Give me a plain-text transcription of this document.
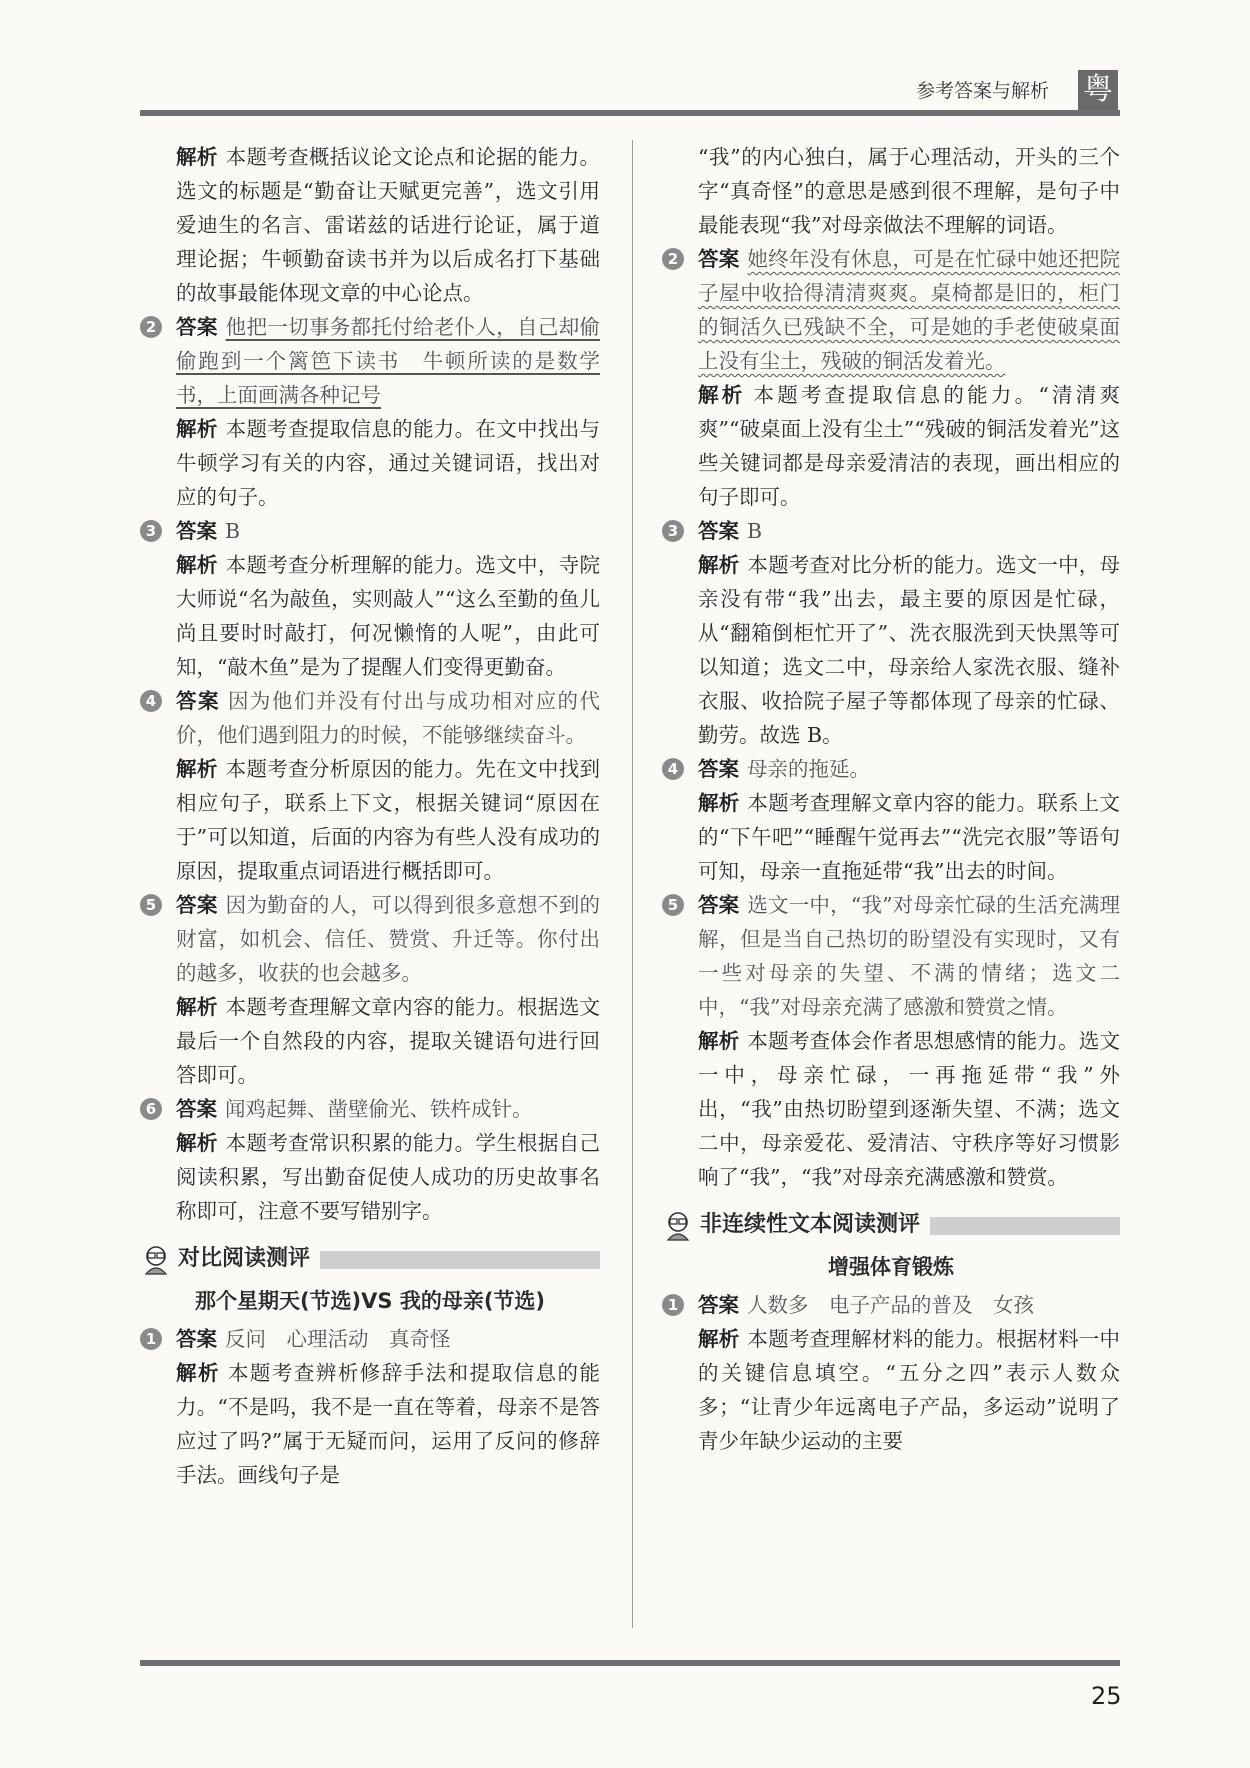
参考答案与解析 粤

解析 本题考查概括议论文论点和论据的能力。选文的标题是“勤奋让天赋更完善”，选文引用爱迪生的名言、雷诺兹的话进行论证，属于道理论据；牛顿勤奋读书并为以后成名打下基础的故事最能体现文章的中心论点。

2 答案 他把一切事务都托付给老仆人，自己却偷偷跑到一个篱笆下读书　牛顿所读的是数学书，上面画满各种记号

解析 本题考查提取信息的能力。在文中找出与牛顿学习有关的内容，通过关键词语，找出对应的句子。

3 答案 B

解析 本题考查分析理解的能力。选文中，寺院大师说“名为敲鱼，实则敲人”“这么至勤的鱼儿尚且要时时敲打，何况懒惰的人呢”，由此可知，“敲木鱼”是为了提醒人们变得更勤奋。

4 答案 因为他们并没有付出与成功相对应的代价，他们遇到阻力的时候，不能够继续奋斗。

解析 本题考查分析原因的能力。先在文中找到相应句子，联系上下文，根据关键词“原因在于”可以知道，后面的内容为有些人没有成功的原因，提取重点词语进行概括即可。

5 答案 因为勤奋的人，可以得到很多意想不到的财富，如机会、信任、赞赏、升迁等。你付出的越多，收获的也会越多。

解析 本题考查理解文章内容的能力。根据选文最后一个自然段的内容，提取关键语句进行回答即可。

6 答案 闻鸡起舞、凿壁偷光、铁杵成针。

解析 本题考查常识积累的能力。学生根据自己阅读积累，写出勤奋促使人成功的历史故事名称即可，注意不要写错别字。

对比阅读测评
那个星期天(节选)VS 我的母亲(节选)
1 答案 反问　心理活动　真奇怪

解析 本题考查辨析修辞手法和提取信息的能力。“不是吗，我不是一直在等着，母亲不是答应过了吗?”属于无疑而问，运用了反问的修辞手法。画线句子是

“我”的内心独白，属于心理活动，开头的三个字“真奇怪”的意思是感到很不理解，是句子中最能表现“我”对母亲做法不理解的词语。

2 答案 她终年没有休息，可是在忙碌中她还把院子屋中收拾得清清爽爽。桌椅都是旧的，柜门的铜活久已残缺不全，可是她的手老使破桌面上没有尘土，残破的铜活发着光。

解析 本题考查提取信息的能力。“清清爽爽”“破桌面上没有尘土”“残破的铜活发着光”这些关键词都是母亲爱清洁的表现，画出相应的句子即可。

3 答案 B

解析 本题考查对比分析的能力。选文一中，母亲没有带“我”出去，最主要的原因是忙碌，从“翻箱倒柜忙开了”、洗衣服洗到天快黑等可以知道；选文二中，母亲给人家洗衣服、缝补衣服、收拾院子屋子等都体现了母亲的忙碌、勤劳。故选 B。

4 答案 母亲的拖延。

解析 本题考查理解文章内容的能力。联系上文的“下午吧”“睡醒午觉再去”“洗完衣服”等语句可知，母亲一直拖延带“我”出去的时间。

5 答案 选文一中，“我”对母亲忙碌的生活充满理解，但是当自己热切的盼望没有实现时，又有一些对母亲的失望、不满的情绪；选文二中，“我”对母亲充满了感激和赞赏之情。

解析 本题考查体会作者思想感情的能力。选文一中，母亲忙碌，一再拖延带“我”外出，“我”由热切盼望到逐渐失望、不满；选文二中，母亲爱花、爱清洁、守秩序等好习惯影响了“我”，“我”对母亲充满感激和赞赏。

非连续性文本阅读测评
增强体育锻炼
1 答案 人数多　电子产品的普及　女孩

解析 本题考查理解材料的能力。根据材料一中的关键信息填空。“五分之四”表示人数众多；“让青少年远离电子产品，多运动”说明了青少年缺少运动的主要

25
